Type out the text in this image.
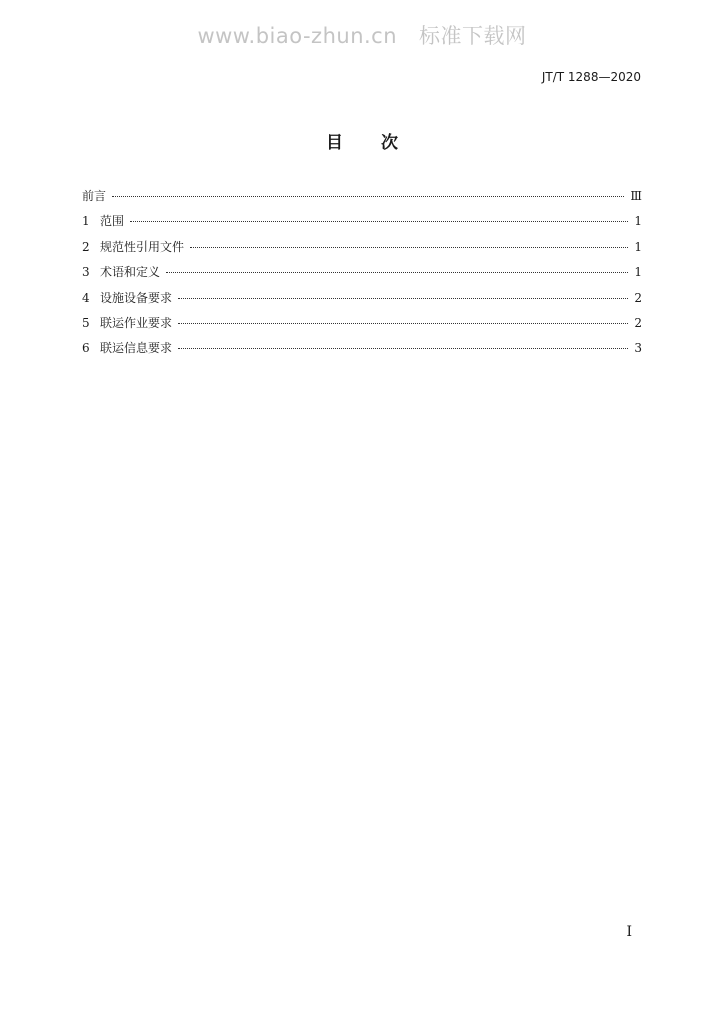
www.biao-zhun.cn 标准下载网
JT/T 1288—2020
目次
前言	Ⅲ
1 范围	1
2 规范性引用文件	1
3 术语和定义	1
4 设施设备要求	2
5 联运作业要求	2
6 联运信息要求	3
I
